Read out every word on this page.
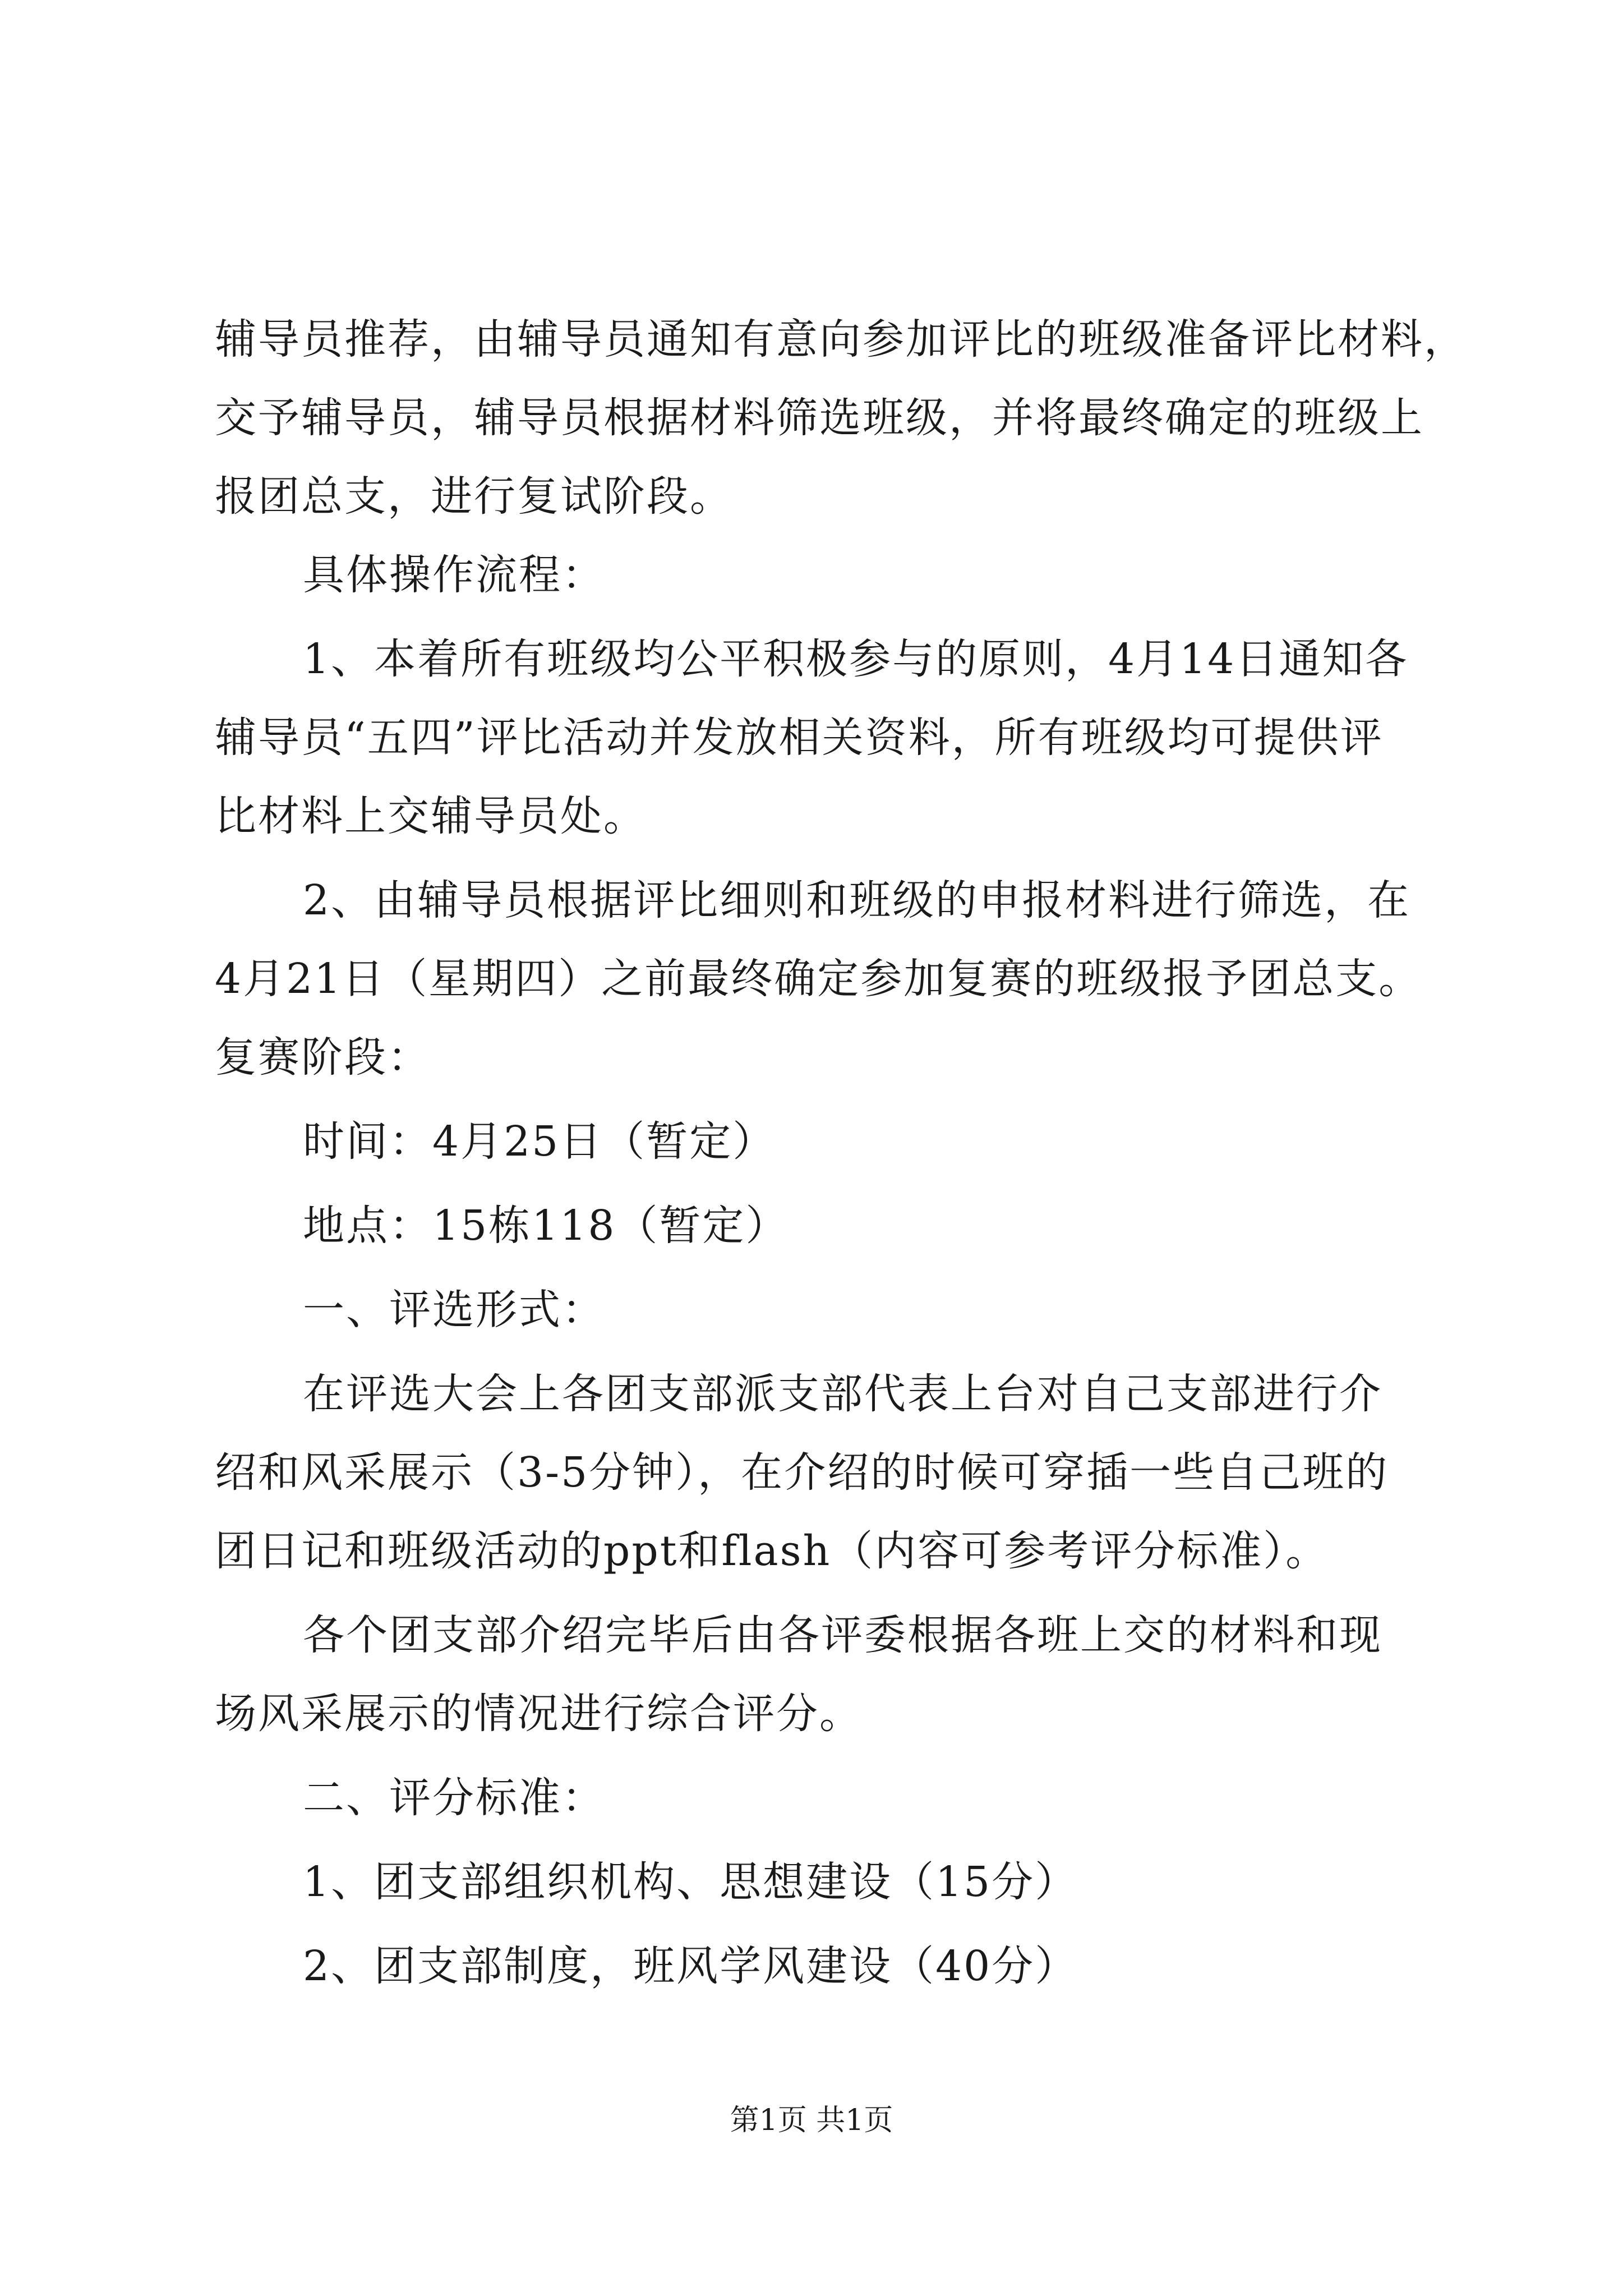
辅导员推荐，由辅导员通知有意向参加评比的班级准备评比材料，
交予辅导员，辅导员根据材料筛选班级，并将最终确定的班级上
报团总支，进行复试阶段。
具体操作流程：
1、本着所有班级均公平积极参与的原则，4月14日通知各
辅导员“五四”评比活动并发放相关资料，所有班级均可提供评
比材料上交辅导员处。
2、由辅导员根据评比细则和班级的申报材料进行筛选，在
4月21日（星期四）之前最终确定参加复赛的班级报予团总支。
复赛阶段：
时间：4月25日（暂定）
地点：15栋118（暂定）
一、评选形式：
在评选大会上各团支部派支部代表上台对自己支部进行介
绍和风采展示（3-5分钟），在介绍的时候可穿插一些自己班的
团日记和班级活动的ppt和flash（内容可参考评分标准）。
各个团支部介绍完毕后由各评委根据各班上交的材料和现
场风采展示的情况进行综合评分。
二、评分标准：
1、团支部组织机构、思想建设（15分）
2、团支部制度，班风学风建设（40分）
第1页 共1页
